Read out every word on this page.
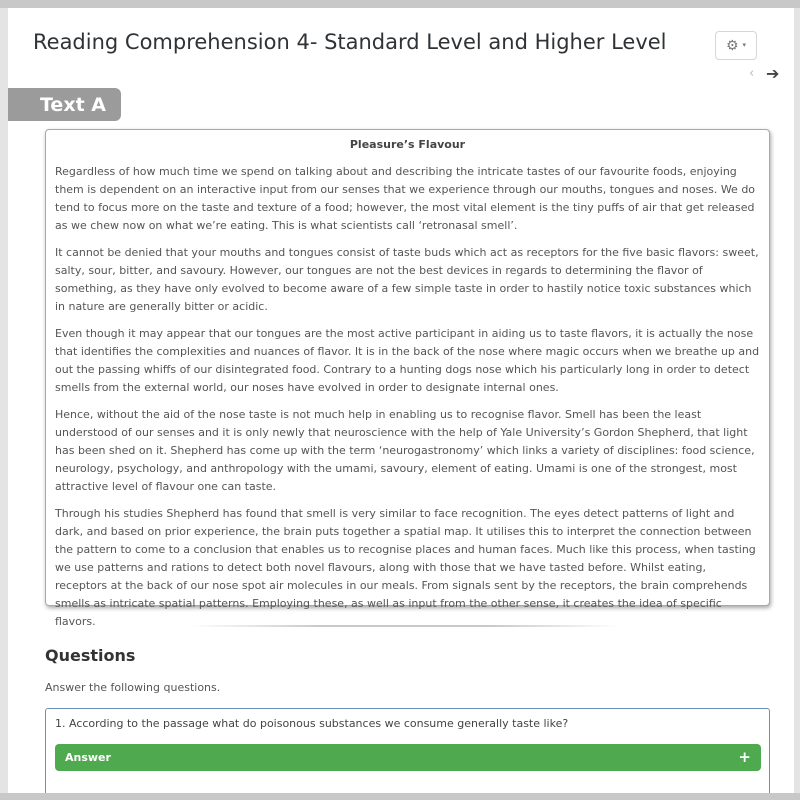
Reading Comprehension 4- Standard Level and Higher Level	⚙ ▾
‹ ➔
Text A
Pleasure’s Flavour

Regardless of how much time we spend on talking about and describing the intricate tastes of our favourite foods, enjoying them is dependent on an interactive input from our senses that we experience through our mouths, tongues and noses. We do tend to focus more on the taste and texture of a food; however, the most vital element is the tiny puffs of air that get released as we chew now on what we’re eating. This is what scientists call ‘retronasal smell’.

It cannot be denied that your mouths and tongues consist of taste buds which act as receptors for the five basic flavors: sweet, salty, sour, bitter, and savoury. However, our tongues are not the best devices in regards to determining the flavor of something, as they have only evolved to become aware of a few simple taste in order to hastily notice toxic substances which in nature are generally bitter or acidic.

Even though it may appear that our tongues are the most active participant in aiding us to taste flavors, it is actually the nose that identifies the complexities and nuances of flavor. It is in the back of the nose where magic occurs when we breathe up and out the passing whiffs of our disintegrated food. Contrary to a hunting dogs nose which his particularly long in order to detect smells from the external world, our noses have evolved in order to designate internal ones.

Hence, without the aid of the nose taste is not much help in enabling us to recognise flavor. Smell has been the least understood of our senses and it is only newly that neuroscience with the help of Yale University’s Gordon Shepherd, that light has been shed on it. Shepherd has come up with the term ‘neurogastronomy’ which links a variety of disciplines: food science, neurology, psychology, and anthropology with the umami, savoury, element of eating. Umami is one of the strongest, most attractive level of flavour one can taste.

Through his studies Shepherd has found that smell is very similar to face recognition. The eyes detect patterns of light and dark, and based on prior experience, the brain puts together a spatial map. It utilises this to interpret the connection between the pattern to come to a conclusion that enables us to recognise places and human faces. Much like this process, when tasting we use patterns and rations to detect both novel flavours, along with those that we have tasted before. Whilst eating, receptors at the back of our nose spot air molecules in our meals. From signals sent by the receptors, the brain comprehends smells as intricate spatial patterns. Employing these, as well as input from the other sense, it creates the idea of specific flavors.

Questions

Answer the following questions.

1. According to the passage what do poisonous substances we consume generally taste like?
Answer	+
